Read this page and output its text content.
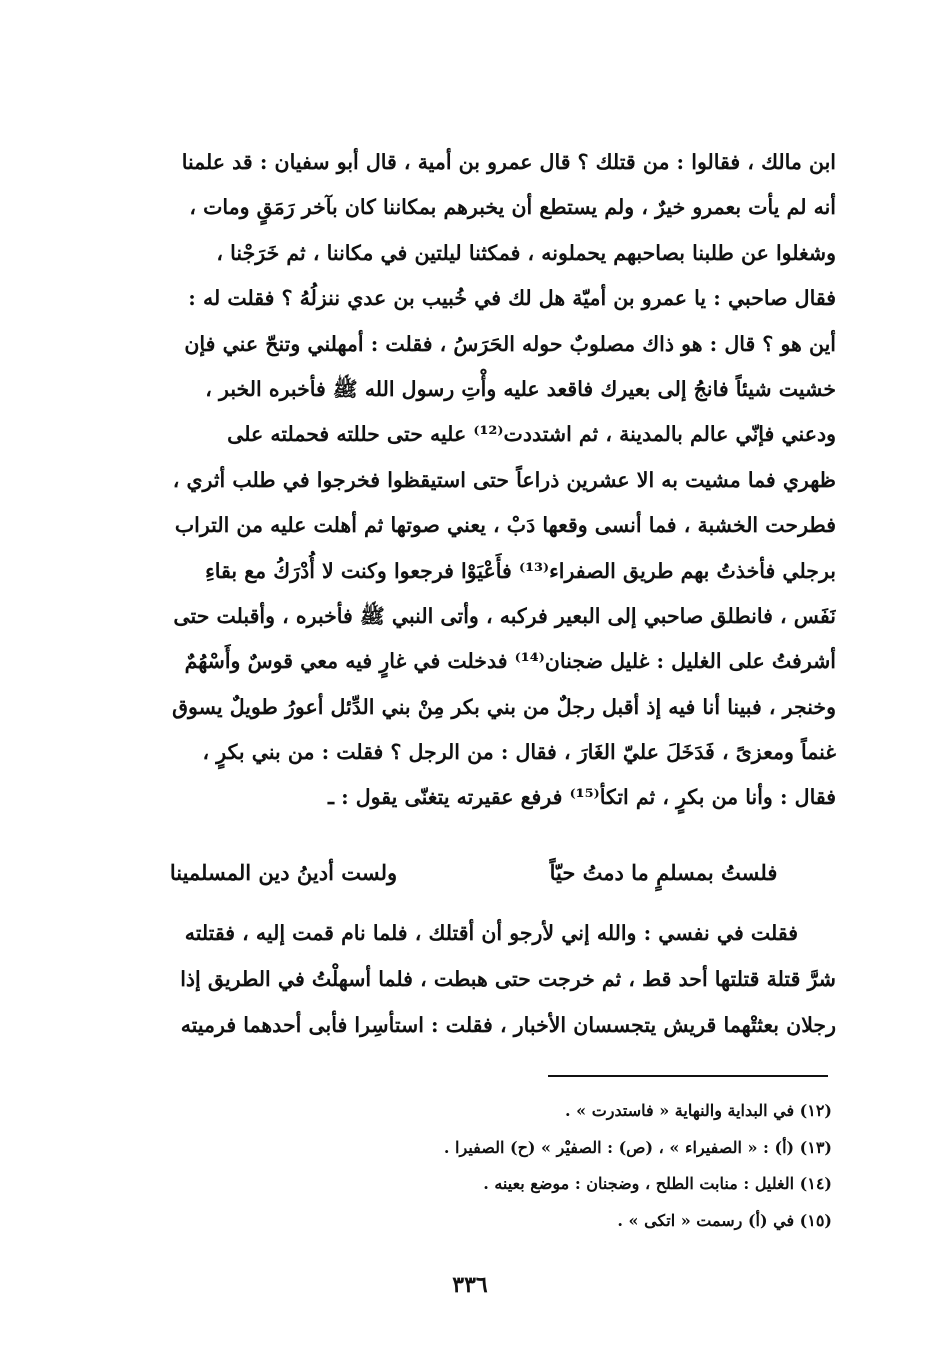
ابن مالك ، فقالوا : من قتلك ؟ قال عمرو بن أمية ، قال أبو سفيان : قد علمنا
أنه لم يأت بعمرو خيرٌ ، ولم يستطع أن يخبرهم بمكاننا كان بآخر رَمَقٍ ومات ،
وشغلوا عن طلبنا بصاحبهم يحملونه ، فمكثنا ليلتين في مكاننا ، ثم خَرَجْنا ،
فقال صاحبي : يا عمرو بن أميّة هل لك في خُبيب بن عدي ننزلُهُ ؟ فقلت له :
أين هو ؟ قال : هو ذاك مصلوبٌ حوله الحَرَسُ ، فقلت : أمهلني وتنحّ عني فإن
خشيت شيئاً فانجُ إلى بعيرك فاقعد عليه وأْتِ رسول الله ﷺ فأخبره الخبر ،
ودعني فإنّي عالم بالمدينة ، ثم اشتددت⁽¹²⁾ عليه حتى حللته فحملته على
ظهري فما مشيت به الا عشرين ذراعاً حتى استيقظوا فخرجوا في طلب أثري ،
فطرحت الخشبة ، فما أنسى وقعها دَبْ ، يعني صوتها ثم أهلت عليه من التراب
برجلي فأخذتُ بهم طريق الصفراء⁽¹³⁾ فأَعْيَوْا فرجعوا وكنت لا أُدْرَكُ مع بقاءِ
نَفَس ، فانطلق صاحبي إلى البعير فركبه ، وأتى النبي ﷺ فأخبره ، وأقبلت حتى
أشرفتُ على الغليل : غليل ضجنان⁽¹⁴⁾ فدخلت في غارٍ فيه معي قوسٌ وأَسْهُمٌ
وخنجر ، فبينا أنا فيه إذ أقبل رجلٌ من بني بكر مِنْ بني الدِّئل أعورُ طويلٌ يسوق
غنماً ومعزىً ، فَدَخَلَ عليّ الغَارَ ، فقال : من الرجل ؟ فقلت : من بني بكرٍ ،
فقال : وأنا من بكرٍ ، ثم اتكأ⁽¹⁵⁾ فرفع عقيرته يتغنّى يقول : ـ
فلستُ بمسلمٍ ما دمتُ حيّاً
ولست أدينُ دين المسلمينا
فقلت في نفسي : والله إني لأرجو أن أقتلك ، فلما نام قمت إليه ، فقتلته
شرَّ قتلة قتلتها أحد قط ، ثم خرجت حتى هبطت ، فلما أسهلْتُ في الطريق إذا
رجلان بعثتْهما قريش يتجسسان الأخبار ، فقلت : استأسِرا فأبى أحدهما فرميته
(١٢) في البداية والنهاية « فاستدرت » .
(١٣) (أ) : « الصفيراء » ، (ص) : الصفيْر » (ح) الصفيرا .
(١٤) الغليل : منابت الطلح ، وضجنان : موضع بعينه .
(١٥) في (أ) رسمت « اتكى » .
٣٣٦
